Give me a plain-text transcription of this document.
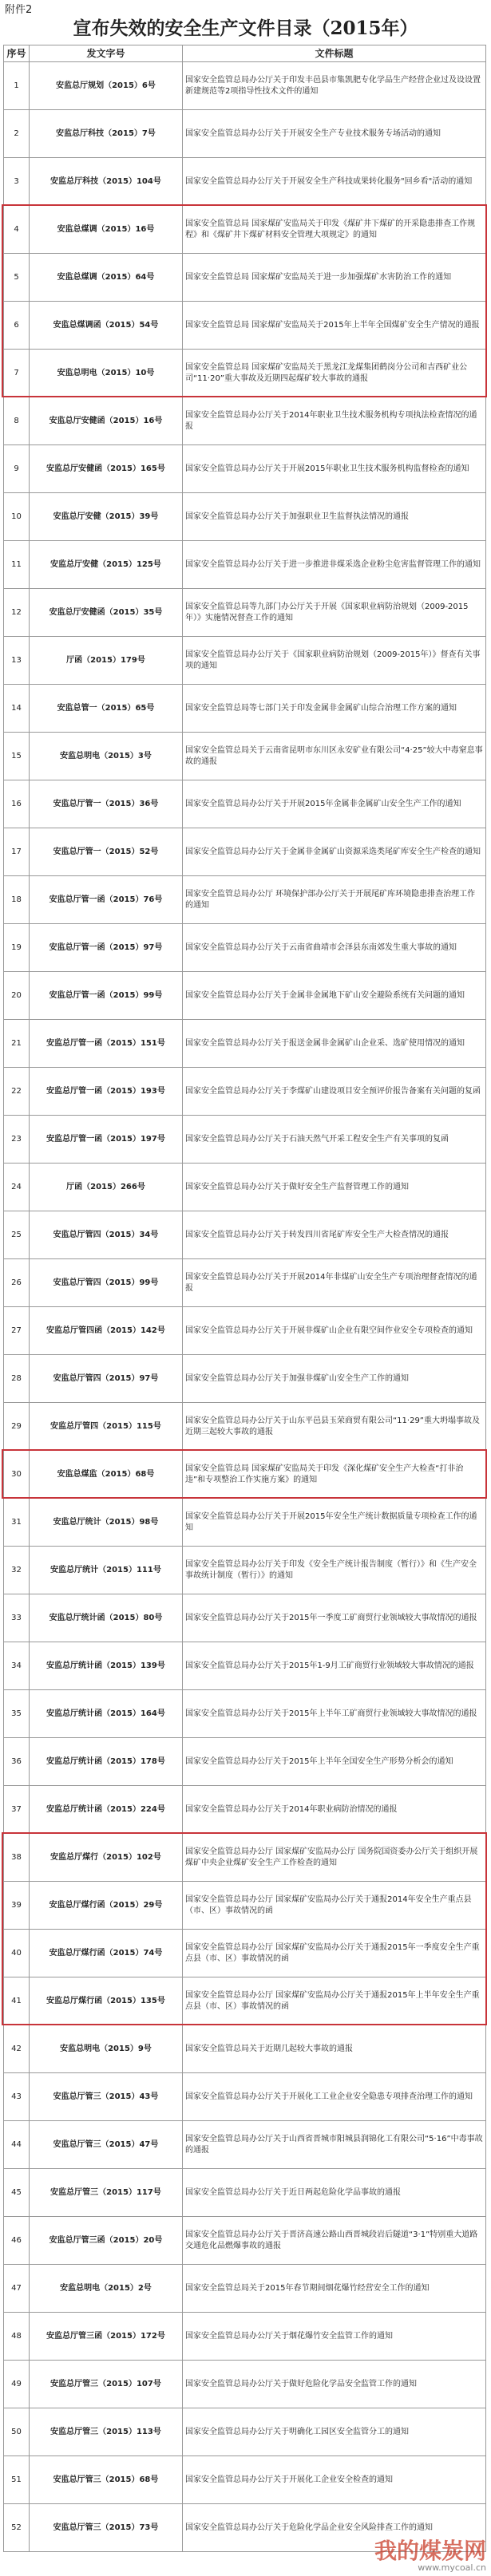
附件2
宣布失效的安全生产文件目录（2015年）
序号	发文字号	文件标题
1	安监总厅规划（2015）6号	国家安全监管总局办公厅关于印发丰邑县市集凯肥专化学品生产经营企业过及设设置新建规范等2项指导性技术文件的通知
2	安监总厅科技（2015）7号	国家安全监管总局办公厅关于开展安全生产专业技术服务专场活动的通知
3	安监总厅科技（2015）104号	国家安全监管总局办公厅关于开展安全生产科技成果转化服务"回乡看"活动的通知
4	安监总煤调（2015）16号	国家安全监管总局 国家煤矿安监局关于印发《煤矿井下煤矿的开采隐患排查工作规程》和《煤矿井下煤矿材料安全管理大项规定》的通知
5	安监总煤调（2015）64号	国家安全监管总局 国家煤矿安监局关于进一步加强煤矿水害防治工作的通知
6	安监总煤调函（2015）54号	国家安全监管总局 国家煤矿安监局关于2015年上半年全国煤矿安全生产情况的通报
7	安监总明电（2015）10号	国家安全监管总局 国家煤矿安监局关于黑龙江龙煤集团鹤岗分公司和吉西矿业公司“11·20”重大事故及近期四起煤矿较大事故的通报
8	安监总厅安健函（2015）16号	国家安全监管总局办公厅关于2014年职业卫生技术服务机构专项执法检查情况的通报
9	安监总厅安健函（2015）165号	国家安全监管总局办公厅关于开展2015年职业卫生技术服务机构监督检查的通知
10	安监总厅安健（2015）39号	国家安全监管总局办公厅关于加强职业卫生监督执法情况的通报
11	安监总厅安健（2015）125号	国家安全监管总局办公厅关于进一步推进非煤采选企业粉尘危害监督管理工作的通知
12	安监总厅安健函（2015）35号	国家安全监管总局等九部门办公厅关于开展《国家职业病防治规划（2009-2015年）》实施情况督查工作的通知
13	厅函（2015）179号	国家安全监管总局办公厅关于《国家职业病防治规划（2009-2015年）》督查有关事项的通知
14	安监总管一（2015）65号	国家安全监管总局等七部门关于印发金属非金属矿山综合治理工作方案的通知
15	安监总明电（2015）3号	国家安全监管总局关于云南省昆明市东川区永安矿业有限公司“4·25”较大中毒窒息事故的通报
16	安监总厅管一（2015）36号	国家安全监管总局办公厅关于开展2015年金属非金属矿山安全生产工作的通知
17	安监总厅管一（2015）52号	国家安全监管总局办公厅关于金属非金属矿山资源采选类尾矿库安全生产检查的通知
18	安监总厅管一函（2015）76号	国家安全监管总局办公厅 环境保护部办公厅关于开展尾矿库环境隐患排查治理工作的通知
19	安监总厅管一函（2015）97号	国家安全监管总局办公厅关于云南省曲靖市会泽县东南郊发生重大事故的通知
20	安监总厅管一函（2015）99号	国家安全监管总局办公厅关于金属非金属地下矿山安全避险系统有关问题的通知
21	安监总厅管一函（2015）151号	国家安全监管总局办公厅关于报送金属非金属矿山企业采、选矿使用情况的通知
22	安监总厅管一函（2015）193号	国家安全监管总局办公厅关于李煤矿山建设项目安全预评价报告备案有关问题的复函
23	安监总厅管一函（2015）197号	国家安全监管总局办公厅关于石油天然气开采工程安全生产有关事项的复函
24	厅函（2015）266号	国家安全监管总局办公厅关于做好安全生产监督管理工作的通知
25	安监总厅管四（2015）34号	国家安全监管总局办公厅关于转发四川省尾矿库安全生产大检查情况的通报
26	安监总厅管四（2015）99号	国家安全监管总局办公厅关于开展2014年非煤矿山安全生产专项治理督查情况的通报
27	安监总厅管四函（2015）142号	国家安全监管总局办公厅关于开展非煤矿山企业有限空间作业安全专项检查的通知
28	安监总厅管四（2015）97号	国家安全监管总局办公厅关于加强非煤矿山安全生产工作的通知
29	安监总厅管四（2015）115号	国家安全监管总局办公厅关于山东平邑县玉荣商贸有限公司“11·29”重大坍塌事故及近期三起较大事故的通报
30	安监总煤监（2015）68号	国家安全监管总局 国家煤矿安监局关于印发《深化煤矿安全生产大检查“打非治违”和专项整治工作实施方案》的通知
31	安监总厅统计（2015）98号	国家安全监管总局办公厅关于开展2015年安全生产统计数据质量专项检查工作的通知
32	安监总厅统计（2015）111号	国家安全监管总局办公厅关于印发《安全生产统计报告制度（暂行）》和《生产安全事故统计制度（暂行）》的通知
33	安监总厅统计函（2015）80号	国家安全监管总局办公厅关于2015年一季度工矿商贸行业领域较大事故情况的通报
34	安监总厅统计函（2015）139号	国家安全监管总局办公厅关于2015年1-9月工矿商贸行业领域较大事故情况的通报
35	安监总厅统计函（2015）164号	国家安全监管总局办公厅关于2015年上半年工矿商贸行业领域较大事故情况的通报
36	安监总厅统计函（2015）178号	国家安全监管总局办公厅关于2015年上半年全国安全生产形势分析会的通知
37	安监总厅统计函（2015）224号	国家安全监管总局办公厅关于2014年职业病防治情况的通报
38	安监总厅煤行（2015）102号	国家安全监管总局办公厅 国家煤矿安监局办公厅 国务院国资委办公厅关于组织开展煤矿中央企业煤矿安全生产工作检查的通知
39	安监总厅煤行函（2015）29号	国家安全监管总局办公厅 国家煤矿安监局办公厅关于通报2014年安全生产重点县（市、区）事故情况的函
40	安监总厅煤行函（2015）74号	国家安全监管总局办公厅 国家煤矿安监局办公厅关于通报2015年一季度安全生产重点县（市、区）事故情况的函
41	安监总厅煤行函（2015）135号	国家安全监管总局办公厅 国家煤矿安监局办公厅关于通报2015年上半年安全生产重点县（市、区）事故情况的函
42	安监总明电（2015）9号	国家安全监管总局关于近期几起较大事故的通报
43	安监总厅管三（2015）43号	国家安全监管总局办公厅关于开展化工工业企业安全隐患专项排查治理工作的通知
44	安监总厅管三（2015）47号	国家安全监管总局办公厅关于山西省晋城市阳城县润锦化工有限公司“5·16”中毒事故的通报
45	安监总厅管三（2015）117号	国家安全监管总局办公厅关于近日两起危险化学品事故的通报
46	安监总厅管三函（2015）20号	国家安全监管总局办公厅关于晋济高速公路山西晋城段岩后隧道“3·1”特别重大道路交通危化品燃爆事故的通报
47	安监总明电（2015）2号	国家安全监管总局关于2015年春节期间烟花爆竹经营安全工作的通知
48	安监总厅管三函（2015）172号	国家安全监管总局办公厅关于烟花爆竹安全监管工作的通知
49	安监总厅管三（2015）107号	国家安全监管总局办公厅关于做好危险化学品安全监管工作的通知
50	安监总厅管三（2015）113号	国家安全监管总局办公厅关于明确化工园区安全监管分工的通知
51	安监总厅管三（2015）68号	国家安全监管总局办公厅关于开展化工企业安全检查的通知
52	安监总厅管三（2015）73号	国家安全监管总局办公厅关于危险化学品企业安全风险排查工作的通知
我的煤炭网
www.mycoal.cn
